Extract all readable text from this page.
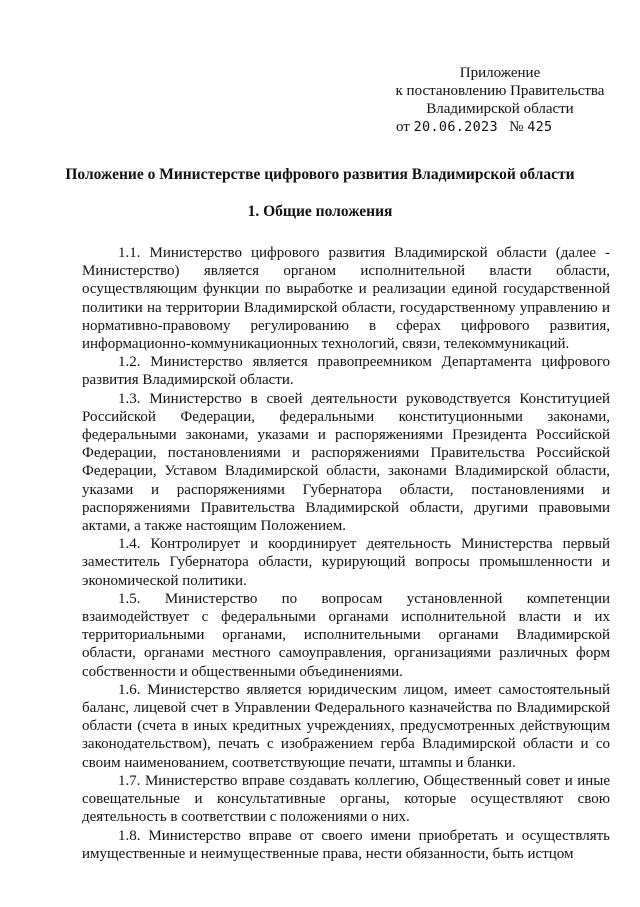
Приложение
к постановлению Правительства
Владимирской области
от 20.06.2023 № 425
Положение о Министерстве цифрового развития Владимирской области
1. Общие положения

1.1. Министерство цифрового развития Владимирской области (далее - Министерство) является органом исполнительной власти области, осуществляющим функции по выработке и реализации единой государственной политики на территории Владимирской области, государственному управлению и нормативно-правовому регулированию в сферах цифрового развития, информационно-коммуникационных технологий, связи, телекоммуникаций.

1.2. Министерство является правопреемником Департамента цифрового развития Владимирской области.

1.3. Министерство в своей деятельности руководствуется Конституцией Российской Федерации, федеральными конституционными законами, федеральными законами, указами и распоряжениями Президента Российской Федерации, постановлениями и распоряжениями Правительства Российской Федерации, Уставом Владимирской области, законами Владимирской области, указами и распоряжениями Губернатора области, постановлениями и распоряжениями Правительства Владимирской области, другими правовыми актами, а также настоящим Положением.

1.4. Контролирует и координирует деятельность Министерства первый заместитель Губернатора области, курирующий вопросы промышленности и экономической политики.

1.5. Министерство по вопросам установленной компетенции взаимодействует с федеральными органами исполнительной власти и их территориальными органами, исполнительными органами Владимирской области, органами местного самоуправления, организациями различных форм собственности и общественными объединениями.

1.6. Министерство является юридическим лицом, имеет самостоятельный баланс, лицевой счет в Управлении Федерального казначейства по Владимирской области (счета в иных кредитных учреждениях, предусмотренных действующим законодательством), печать с изображением герба Владимирской области и со своим наименованием, соответствующие печати, штампы и бланки.

1.7. Министерство вправе создавать коллегию, Общественный совет и иные совещательные и консультативные органы, которые осуществляют свою деятельность в соответствии с положениями о них.

1.8. Министерство вправе от своего имени приобретать и осуществлять имущественные и неимущественные права, нести обязанности, быть истцом
